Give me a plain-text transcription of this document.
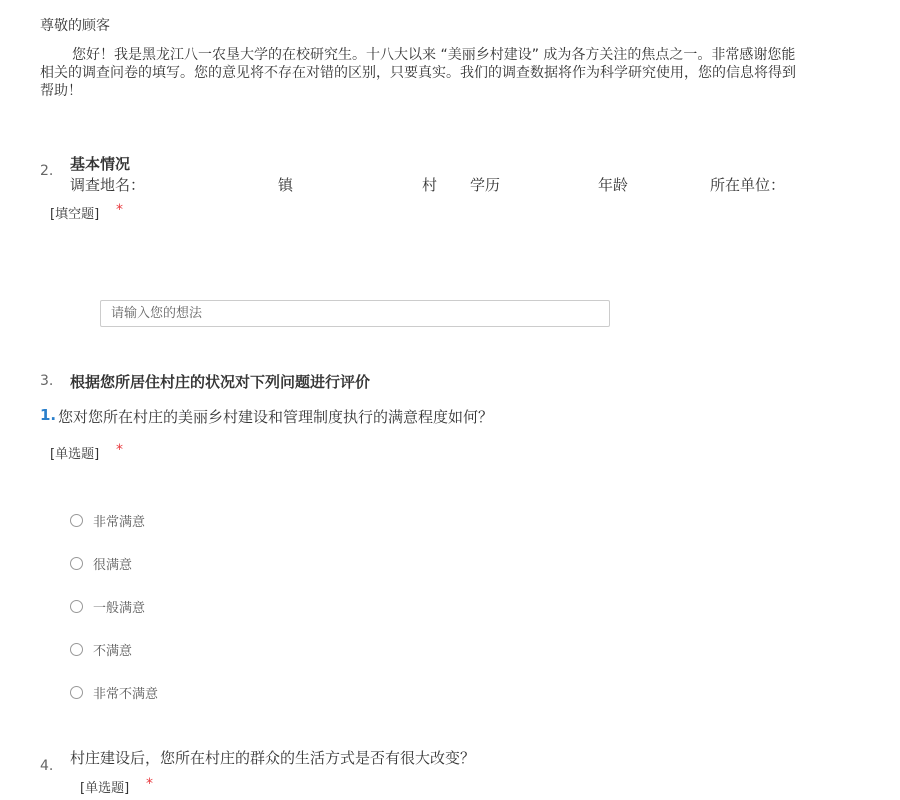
尊敬的顾客
您好！我是黑龙江八一农垦大学的在校研究生。十八大以来 “美丽乡村建设” 成为各方关注的焦点之一。非常感谢您能
相关的调查问卷的填写。您的意见将不存在对错的区别，只要真实。我们的调查数据将作为科学研究使用，您的信息将得到
帮助！
2. 基本情况
调查地名：	镇	村 学历	年龄	所在单位：
[填空题] *
请输入您的想法
3. 根据您所居住村庄的状况对下列问题进行评价
1. 您对您所在村庄的美丽乡村建设和管理制度执行的满意程度如何？
[单选题] *
非常满意
很满意
一般满意
不满意
非常不满意
4. 村庄建设后，您所在村庄的群众的生活方式是否有很大改变？
[单选题] *
